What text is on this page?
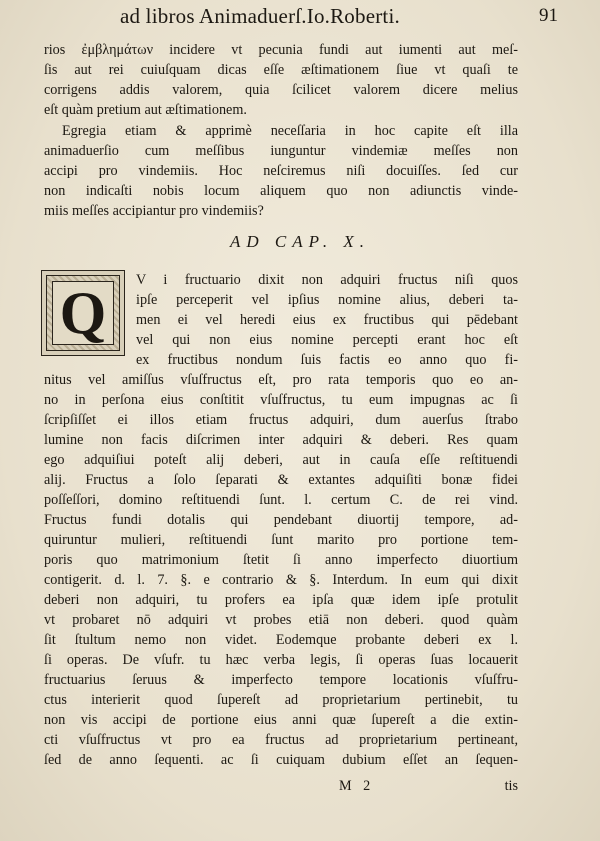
ad libros Animaduerſ.Io.Roberti.	91
rios ἐμβλημάτων incidere vt pecunia fundi aut iumenti aut meſ-
ſis aut rei cuiuſquam dicas eſſe æſtimationem ſiue vt quaſi te
corrigens addis valorem, quia ſcilicet valorem dicere melius
eſt quàm pretium aut æſtimationem.
Egregia etiam & apprimè neceſſaria in hoc capite eſt illa
animaduerſio cum meſſibus iunguntur vindemiæ meſſes non
accipi pro vindemiis. Hoc neſciremus niſi docuiſſes. ſed cur
non indicaſti nobis locum aliquem quo non adiunctis vinde-
miis meſſes accipiantur pro vindemiis?
AD CAP. X.
Q	V i fructuario dixit non adquiri fructus niſi quos
ipſe perceperit vel ipſius nomine alius, deberi ta-
men ei vel heredi eius ex fructibus qui pēdebant
vel qui non eius nomine percepti erant hoc eſt
ex fructibus nondum ſuis factis eo anno quo fi-
nitus vel amiſſus vſuſfructus eſt, pro rata temporis quo eo an-
no in perſona eius conſtitit vſuſfructus, tu eum impugnas ac ſi
ſcripſiſſet ei illos etiam fructus adquiri, dum auerſus ſtrabo
lumine non facis diſcrimen inter adquiri & deberi. Res quam
ego adquiſiui poteſt alij deberi, aut in cauſa eſſe reſtituendi
alij. Fructus a ſolo ſeparati & extantes adquiſiti bonæ fidei
poſſeſſori, domino reſtituendi ſunt. l. certum C. de rei vind.
Fructus fundi dotalis qui pendebant diuortij tempore, ad-
quiruntur mulieri, reſtituendi ſunt marito pro portione tem-
poris quo matrimonium ſtetit ſi anno imperfecto diuortium
contigerit. d. l. 7. §. e contrario & §. Interdum. In eum qui dixit
deberi non adquiri, tu profers ea ipſa quæ idem ipſe protulit
vt probaret nō adquiri vt probes etiā non deberi. quod quàm
ſit ſtultum nemo non videt. Eodemque probante deberi ex l.
ſi operas. De vſufr. tu hæc verba legis, ſi operas ſuas locauerit
fructuarius ſeruus & imperfecto tempore locationis vſuſfru-
ctus interierit quod ſupereſt ad proprietarium pertinebit, tu
non vis accipi de portione eius anni quæ ſupereſt a die extin-
cti vſuſfructus vt pro ea fructus ad proprietarium pertineant,
ſed de anno ſequenti. ac ſi cuiquam dubium eſſet an ſequen-
M 2	tis
